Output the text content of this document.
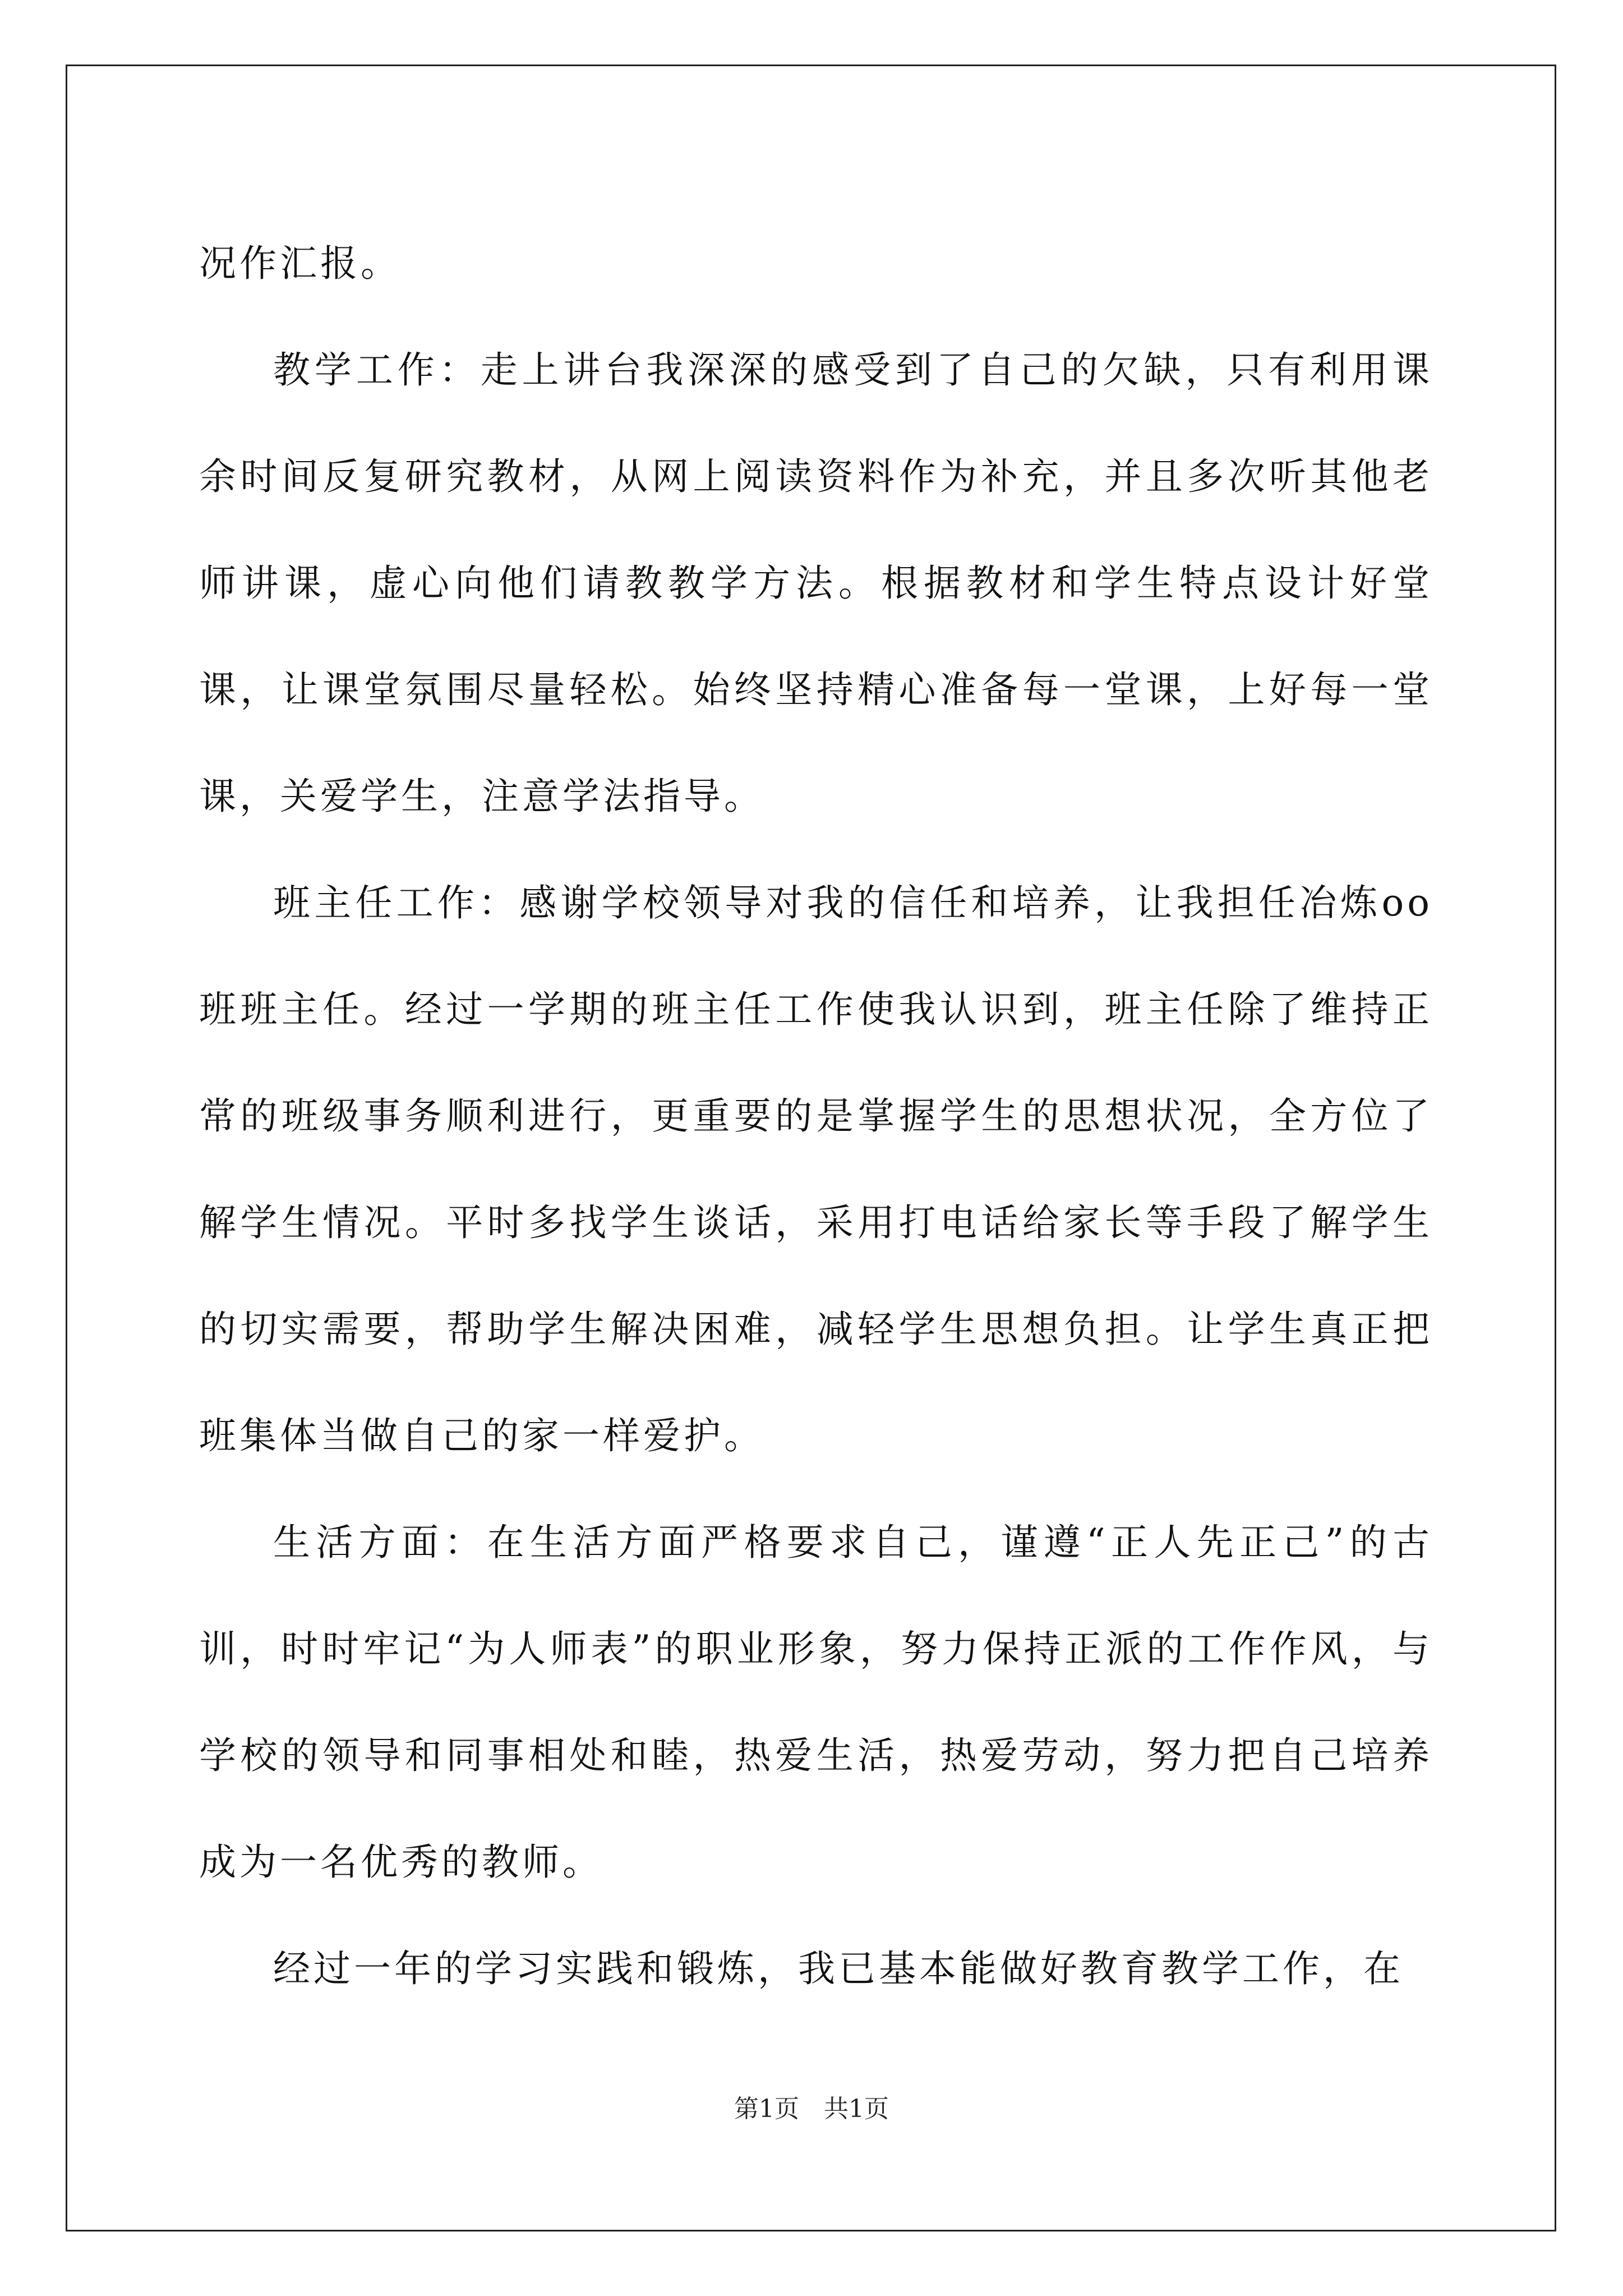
况作汇报。

教学工作：走上讲台我深深的感受到了自己的欠缺，只有利用课余时间反复研究教材，从网上阅读资料作为补充，并且多次听其他老师讲课，虚心向他们请教教学方法。根据教材和学生特点设计好堂课，让课堂氛围尽量轻松。始终坚持精心准备每一堂课，上好每一堂课，关爱学生，注意学法指导。

班主任工作：感谢学校领导对我的信任和培养，让我担任冶炼oo班班主任。经过一学期的班主任工作使我认识到，班主任除了维持正常的班级事务顺利进行，更重要的是掌握学生的思想状况，全方位了解学生情况。平时多找学生谈话，采用打电话给家长等手段了解学生的切实需要，帮助学生解决困难，减轻学生思想负担。让学生真正把班集体当做自己的家一样爱护。

生活方面：在生活方面严格要求自己，谨遵“正人先正己”的古训，时时牢记“为人师表”的职业形象，努力保持正派的工作作风，与学校的领导和同事相处和睦，热爱生活，热爱劳动，努力把自己培养成为一名优秀的教师。

经过一年的学习实践和锻炼，我已基本能做好教育教学工作，在

第1页 共1页
